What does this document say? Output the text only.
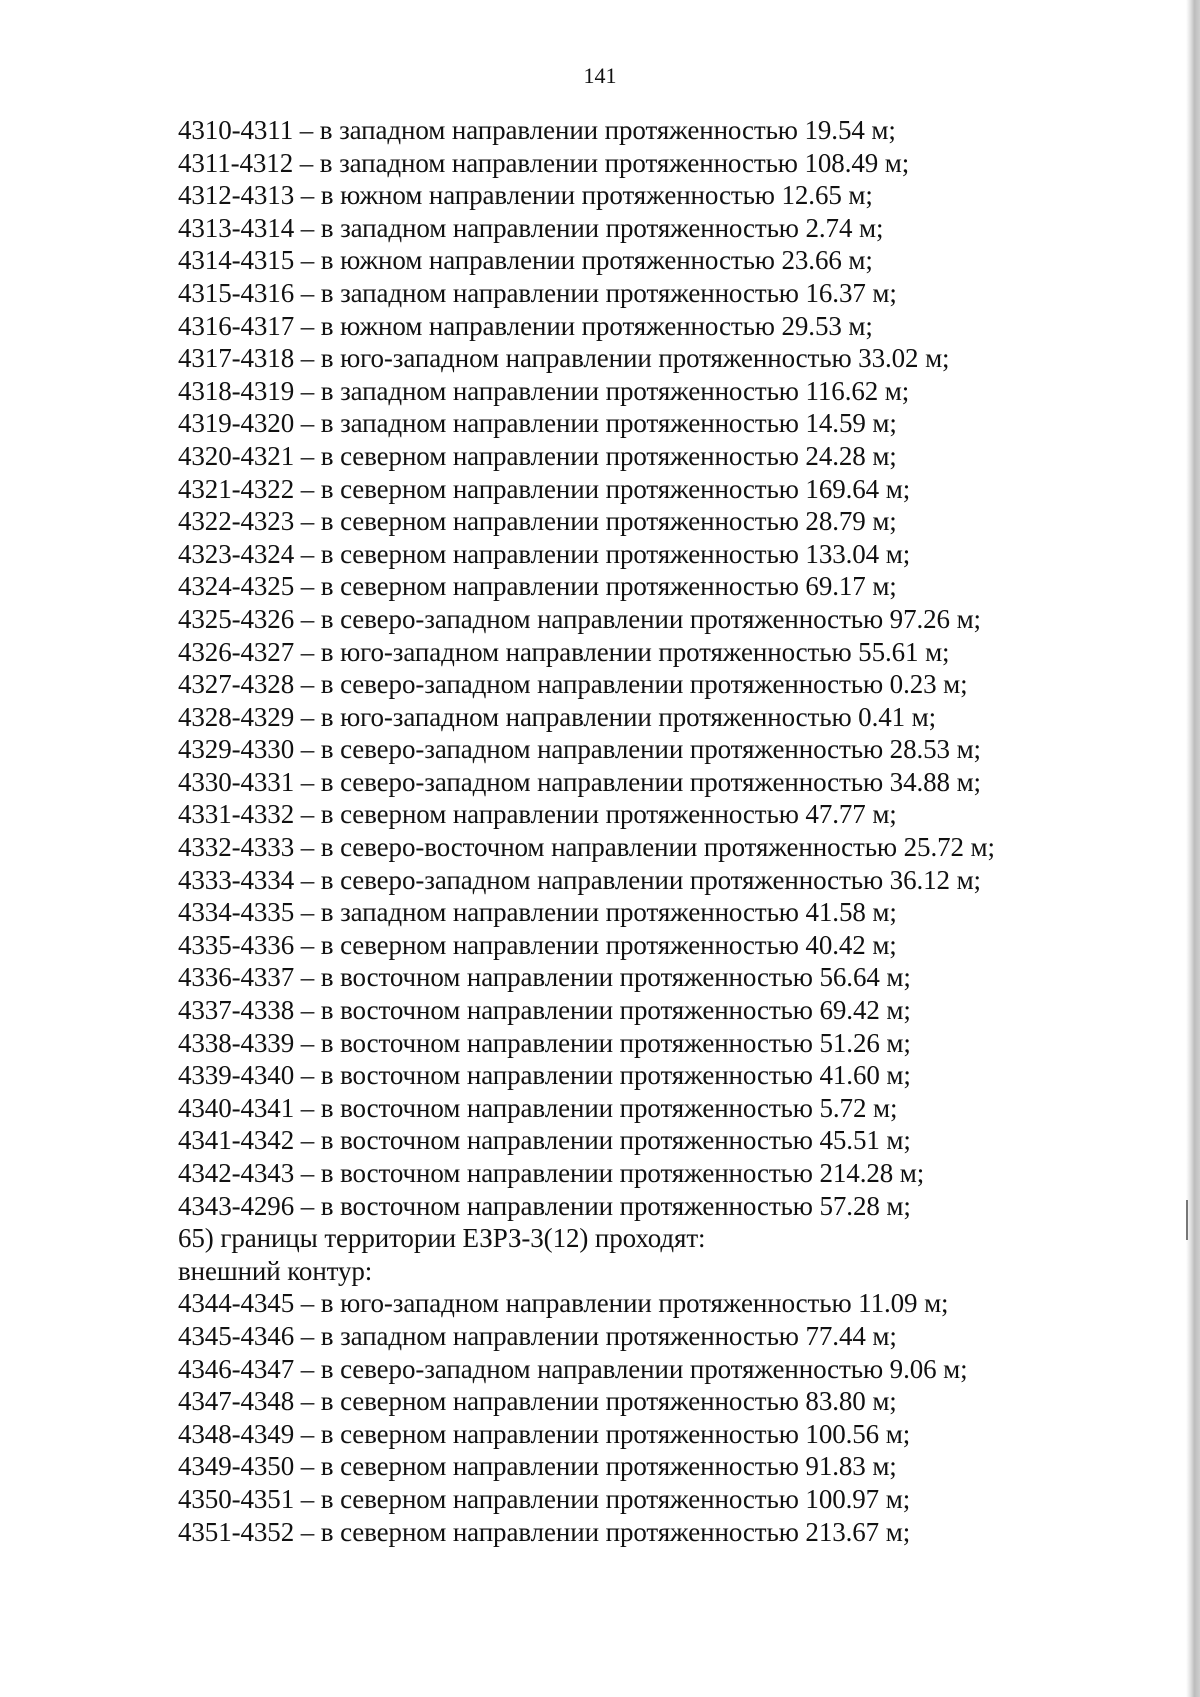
141
4310-4311 – в западном направлении протяженностью 19.54 м;
4311-4312 – в западном направлении протяженностью 108.49 м;
4312-4313 – в южном направлении протяженностью 12.65 м;
4313-4314 – в западном направлении протяженностью 2.74 м;
4314-4315 – в южном направлении протяженностью 23.66 м;
4315-4316 – в западном направлении протяженностью 16.37 м;
4316-4317 – в южном направлении протяженностью 29.53 м;
4317-4318 – в юго-западном направлении протяженностью 33.02 м;
4318-4319 – в западном направлении протяженностью 116.62 м;
4319-4320 – в западном направлении протяженностью 14.59 м;
4320-4321 – в северном направлении протяженностью 24.28 м;
4321-4322 – в северном направлении протяженностью 169.64 м;
4322-4323 – в северном направлении протяженностью 28.79 м;
4323-4324 – в северном направлении протяженностью 133.04 м;
4324-4325 – в северном направлении протяженностью 69.17 м;
4325-4326 – в северо-западном направлении протяженностью 97.26 м;
4326-4327 – в юго-западном направлении протяженностью 55.61 м;
4327-4328 – в северо-западном направлении протяженностью 0.23 м;
4328-4329 – в юго-западном направлении протяженностью 0.41 м;
4329-4330 – в северо-западном направлении протяженностью 28.53 м;
4330-4331 – в северо-западном направлении протяженностью 34.88 м;
4331-4332 – в северном направлении протяженностью 47.77 м;
4332-4333 – в северо-восточном направлении протяженностью 25.72 м;
4333-4334 – в северо-западном направлении протяженностью 36.12 м;
4334-4335 – в западном направлении протяженностью 41.58 м;
4335-4336 – в северном направлении протяженностью 40.42 м;
4336-4337 – в восточном направлении протяженностью 56.64 м;
4337-4338 – в восточном направлении протяженностью 69.42 м;
4338-4339 – в восточном направлении протяженностью 51.26 м;
4339-4340 – в восточном направлении протяженностью 41.60 м;
4340-4341 – в восточном направлении протяженностью 5.72 м;
4341-4342 – в восточном направлении протяженностью 45.51 м;
4342-4343 – в восточном направлении протяженностью 214.28 м;
4343-4296 – в восточном направлении протяженностью 57.28 м;
65) границы территории ЕЗРЗ-3(12) проходят:
внешний контур:
4344-4345 – в юго-западном направлении протяженностью 11.09 м;
4345-4346 – в западном направлении протяженностью 77.44 м;
4346-4347 – в северо-западном направлении протяженностью 9.06 м;
4347-4348 – в северном направлении протяженностью 83.80 м;
4348-4349 – в северном направлении протяженностью 100.56 м;
4349-4350 – в северном направлении протяженностью 91.83 м;
4350-4351 – в северном направлении протяженностью 100.97 м;
4351-4352 – в северном направлении протяженностью 213.67 м;
